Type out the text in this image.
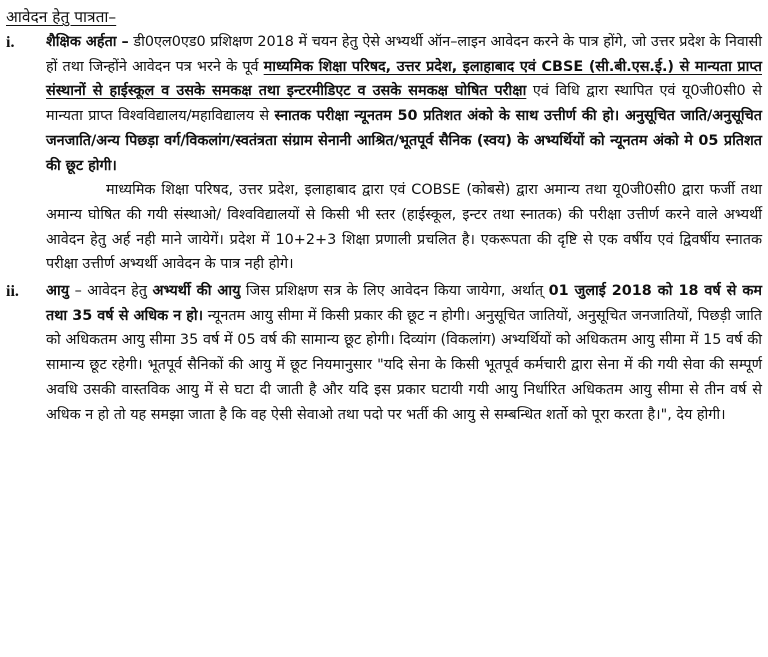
आवेदन हेतु पात्रता–
i.	शैक्षिक अर्हता – डी0एल0एड0 प्रशिक्षण 2018 में चयन हेतु ऐसे अभ्यर्थी ऑन–लाइन आवेदन करने के पात्र होंगे, जो उत्तर प्रदेश के निवासी हों तथा जिन्होंने आवेदन पत्र भरने के पूर्व माध्यमिक शिक्षा परिषद, उत्तर प्रदेश, इलाहाबाद एवं CBSE (सी.बी.एस.ई.) से मान्यता प्राप्त संस्थानों से हाईस्कूल व उसके समकक्ष तथा इन्टरमीडिएट व उसके समकक्ष घोषित परीक्षा एवं विधि द्वारा स्थापित एवं यू0जी0सी0 से मान्यता प्राप्त विश्वविद्यालय/महाविद्यालय से स्नातक परीक्षा न्यूनतम 50 प्रतिशत अंको के साथ उत्तीर्ण की हो। अनुसूचित जाति/अनुसूचित जनजाति/अन्य पिछड़ा वर्ग/विकलांग/स्वतंत्रता संग्राम सेनानी आश्रित/भूतपूर्व सैनिक (स्वय) के अभ्यर्थियों को न्यूनतम अंको मे 05 प्रतिशत की छूट होगी।

माध्यमिक शिक्षा परिषद, उत्तर प्रदेश, इलाहाबाद द्वारा एवं COBSE (कोबसे) द्वारा अमान्य तथा यू0जी0सी0 द्वारा फर्जी तथा अमान्य घोषित की गयी संस्थाओ/ विश्वविद्यालयों से किसी भी स्तर (हाईस्कूल, इन्टर तथा स्नातक) की परीक्षा उत्तीर्ण करने वाले अभ्यर्थी आवेदन हेतु अर्ह नही माने जायेगें। प्रदेश में 10+2+3 शिक्षा प्रणाली प्रचलित है। एकरूपता की दृष्टि से एक वर्षीय एवं द्विवर्षीय स्नातक परीक्षा उत्तीर्ण अभ्यर्थी आवेदन के पात्र नही होगे।

ii.	आयु – आवेदन हेतु अभ्यर्थी की आयु जिस प्रशिक्षण सत्र के लिए आवेदन किया जायेगा, अर्थात् 01 जुलाई 2018 को 18 वर्ष से कम तथा 35 वर्ष से अधिक न हो। न्यूनतम आयु सीमा में किसी प्रकार की छूट न होगी। अनुसूचित जातियों, अनुसूचित जनजातियों, पिछड़ी जाति को अधिकतम आयु सीमा 35 वर्ष में 05 वर्ष की सामान्य छूट होगी। दिव्यांग (विकलांग) अभ्यर्थियों को अधिकतम आयु सीमा में 15 वर्ष की सामान्य छूट रहेगी। भूतपूर्व सैनिकों की आयु में छूट नियमानुसार "यदि सेना के किसी भूतपूर्व कर्मचारी द्वारा सेना में की गयी सेवा की सम्पूर्ण अवधि उसकी वास्तविक आयु में से घटा दी जाती है और यदि इस प्रकार घटायी गयी आयु निर्धारित अधिकतम आयु सीमा से तीन वर्ष से अधिक न हो तो यह समझा जाता है कि वह ऐसी सेवाओ तथा पदो पर भर्ती की आयु से सम्बन्धित शर्तो को पूरा करता है।", देय होगी।
